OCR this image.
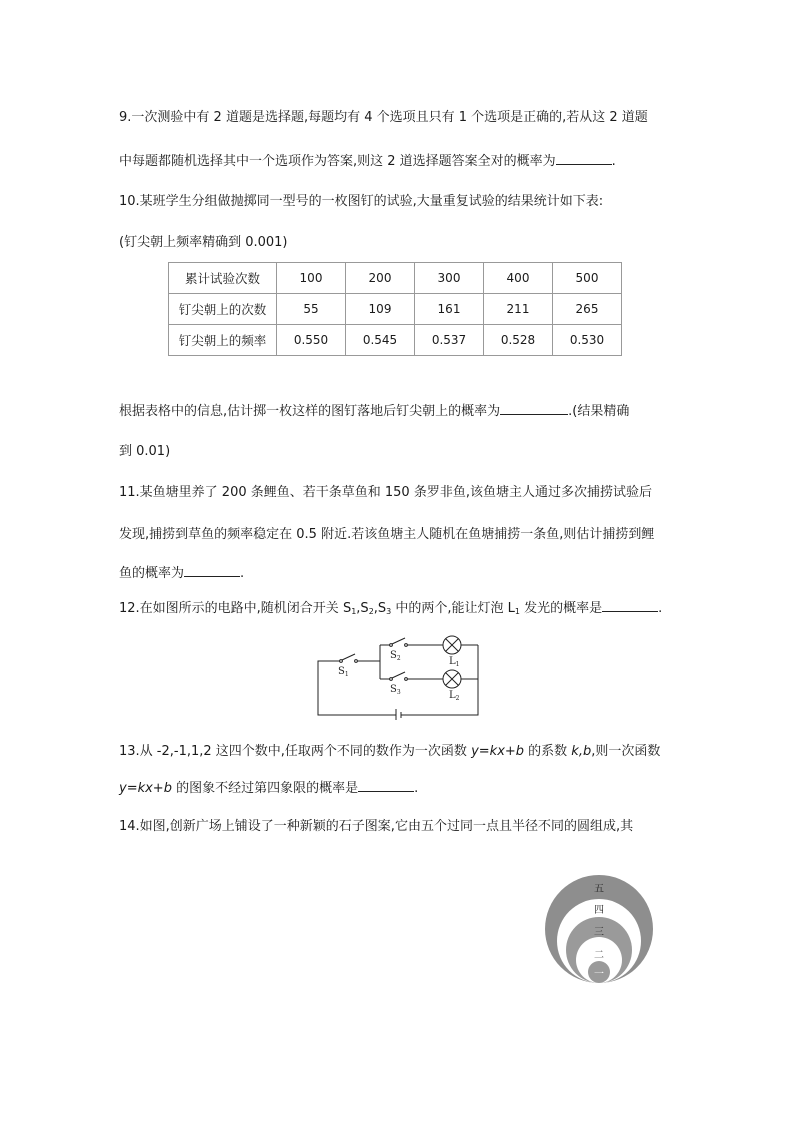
9.一次测验中有 2 道题是选择题,每题均有 4 个选项且只有 1 个选项是正确的,若从这 2 道题
中每题都随机选择其中一个选项作为答案,则这 2 道选择题答案全对的概率为	.
10.某班学生分组做抛掷同一型号的一枚图钉的试验,大量重复试验的结果统计如下表:
(钉尖朝上频率精确到 0.001)
累计试验次数	100	200	300	400	500
钉尖朝上的次数	55	109	161	211	265
钉尖朝上的频率	0.550	0.545	0.537	0.528	0.530
根据表格中的信息,估计掷一枚这样的图钉落地后钉尖朝上的概率为	.(结果精确
到 0.01)
11.某鱼塘里养了 200 条鲤鱼、若干条草鱼和 150 条罗非鱼,该鱼塘主人通过多次捕捞试验后
发现,捕捞到草鱼的频率稳定在 0.5 附近.若该鱼塘主人随机在鱼塘捕捞一条鱼,则估计捕捞到鲤
鱼的概率为	.
12.在如图所示的电路中,随机闭合开关 $S_1,S_2,S_3$ 中的两个,能让灯泡 $L_1$ 发光的概率是	.
$S_1$
$S_2$
$S_3$
$L_1$
$L_2$
13.从 -2,-1,1,2 这四个数中,任取两个不同的数作为一次函数 y=kx+b 的系数 k,b,则一次函数
y=kx+b 的图象不经过第四象限的概率是	.
14.如图,创新广场上铺设了一种新颖的石子图案,它由五个过同一点且半径不同的圆组成,其
五
四
三
二
一
